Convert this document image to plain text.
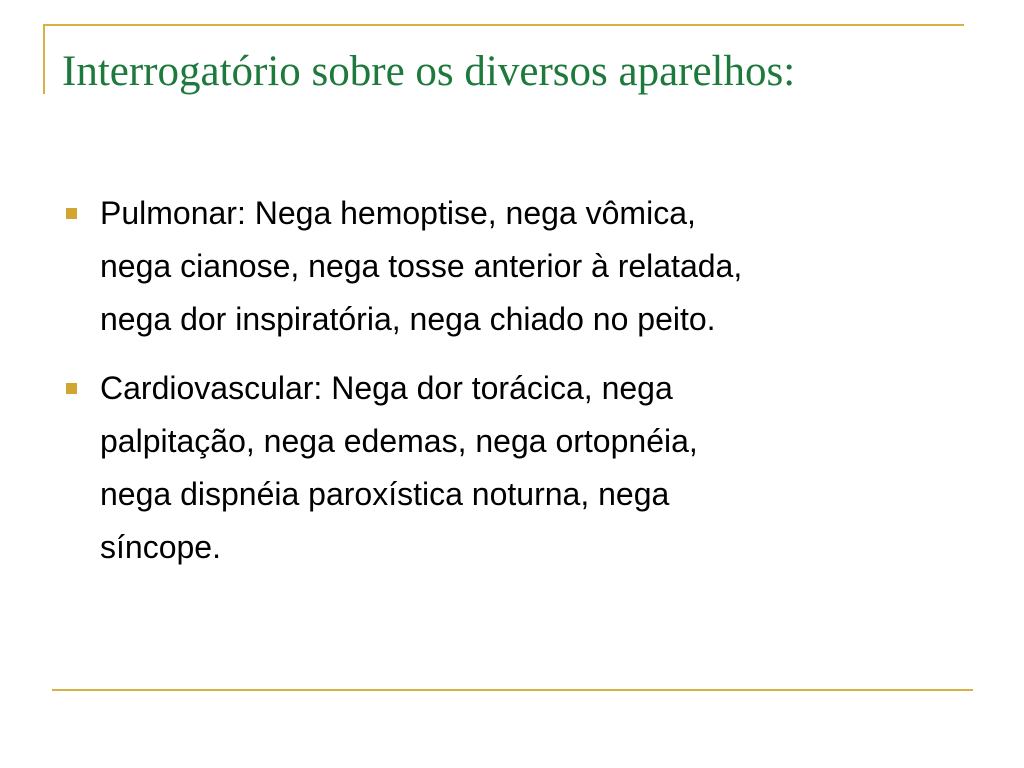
Interrogatório sobre os diversos aparelhos:
Pulmonar: Nega hemoptise, nega vômica,
nega cianose, nega tosse anterior à relatada,
nega dor inspiratória, nega chiado no peito.
Cardiovascular: Nega dor torácica, nega
palpitação, nega edemas, nega ortopnéia,
nega dispnéia paroxística noturna, nega
síncope.
